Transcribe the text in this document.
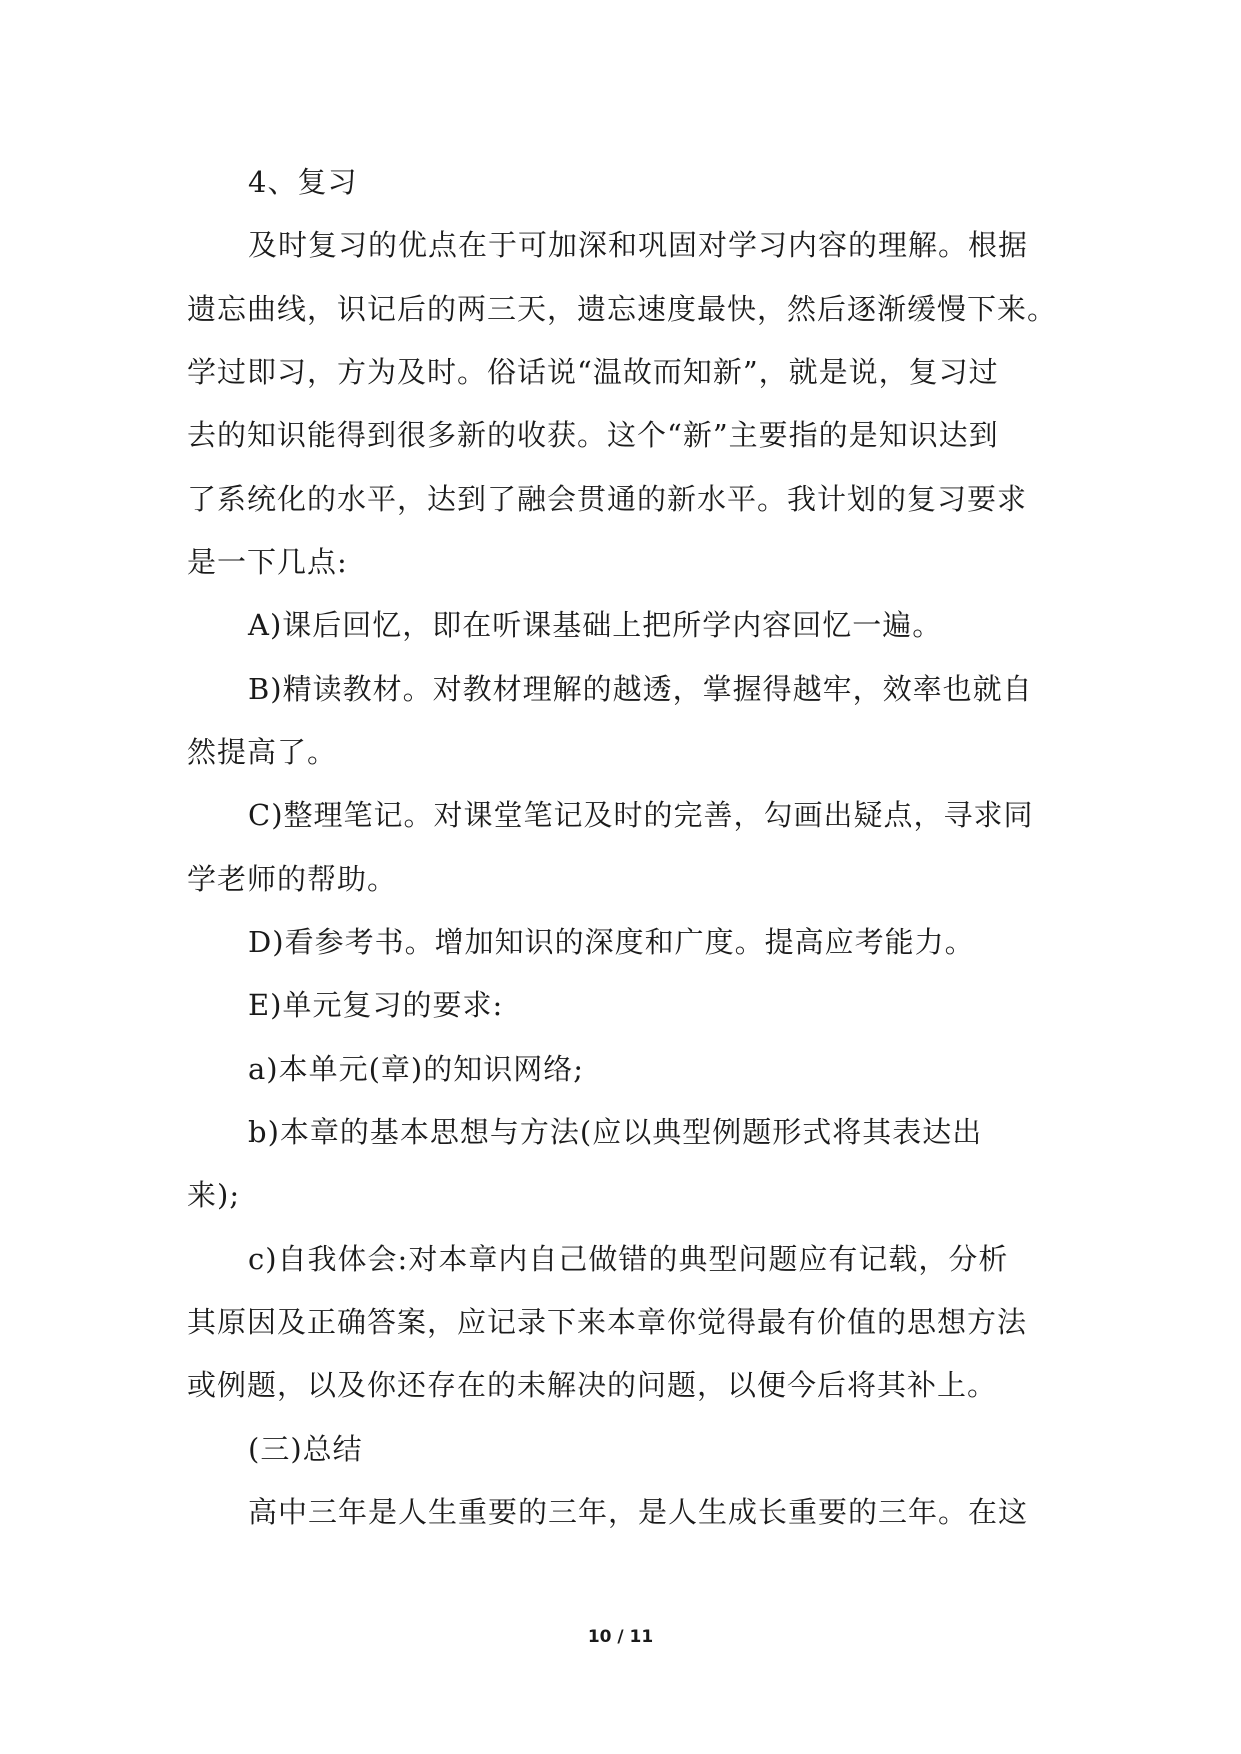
4、复习
及时复习的优点在于可加深和巩固对学习内容的理解。根据
遗忘曲线，识记后的两三天，遗忘速度最快，然后逐渐缓慢下来。
学过即习，方为及时。俗话说“温故而知新”，就是说，复习过
去的知识能得到很多新的收获。这个“新”主要指的是知识达到
了系统化的水平，达到了融会贯通的新水平。我计划的复习要求
是一下几点:
A)课后回忆，即在听课基础上把所学内容回忆一遍。
B)精读教材。对教材理解的越透，掌握得越牢，效率也就自
然提高了。
C)整理笔记。对课堂笔记及时的完善，勾画出疑点，寻求同
学老师的帮助。
D)看参考书。增加知识的深度和广度。提高应考能力。
E)单元复习的要求:
a)本单元(章)的知识网络;
b)本章的基本思想与方法(应以典型例题形式将其表达出
来);
c)自我体会:对本章内自己做错的典型问题应有记载，分析
其原因及正确答案，应记录下来本章你觉得最有价值的思想方法
或例题，以及你还存在的未解决的问题，以便今后将其补上。
(三)总结
高中三年是人生重要的三年，是人生成长重要的三年。在这
10 / 11
